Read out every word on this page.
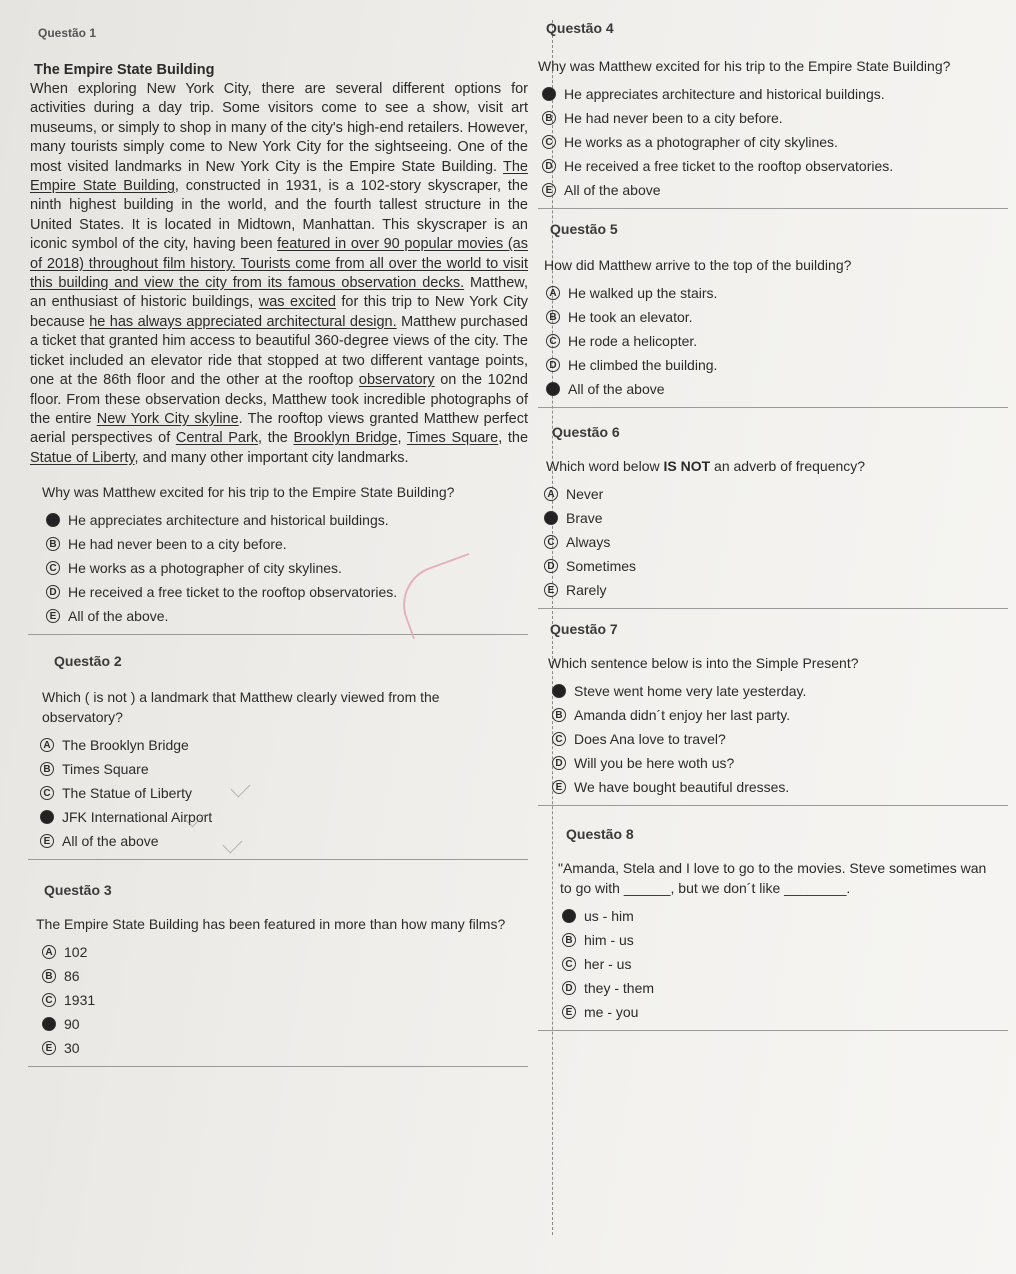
Questão 1
The Empire State Building
When exploring New York City, there are several different options for activities during a day trip. Some visitors come to see a show, visit art museums, or simply to shop in many of the city's high-end retailers. However, many tourists simply come to New York City for the sightseeing. One of the most visited landmarks in New York City is the Empire State Building. The Empire State Building, constructed in 1931, is a 102-story skyscraper, the ninth highest building in the world, and the fourth tallest structure in the United States. It is located in Midtown, Manhattan. This skyscraper is an iconic symbol of the city, having been featured in over 90 popular movies (as of 2018) throughout film history. Tourists come from all over the world to visit this building and view the city from its famous observation decks. Matthew, an enthusiast of historic buildings, was excited for this trip to New York City because he has always appreciated architectural design. Matthew purchased a ticket that granted him access to beautiful 360-degree views of the city. The ticket included an elevator ride that stopped at two different vantage points, one at the 86th floor and the other at the rooftop observatory on the 102nd floor. From these observation decks, Matthew took incredible photographs of the entire New York City skyline. The rooftop views granted Matthew perfect aerial perspectives of Central Park, the Brooklyn Bridge, Times Square, the Statue of Liberty, and many other important city landmarks.
Why was Matthew excited for his trip to the Empire State Building?
A He appreciates architecture and historical buildings.
B He had never been to a city before.
C He works as a photographer of city skylines.
D He received a free ticket to the rooftop observatories.
E All of the above.
Questão 2
Which ( is not ) a landmark that Matthew clearly viewed from the observatory?
A The Brooklyn Bridge
B Times Square
C The Statue of Liberty
D JFK International Airport
E All of the above
Questão 3
The Empire State Building has been featured in more than how many films?
A 102
B 86
C 1931
D 90
E 30
Questão 4
Why was Matthew excited for his trip to the Empire State Building?
A He appreciates architecture and historical buildings.
B He had never been to a city before.
C He works as a photographer of city skylines.
D He received a free ticket to the rooftop observatories.
E All of the above
Questão 5
How did Matthew arrive to the top of the building?
A He walked up the stairs.
B He took an elevator.
C He rode a helicopter.
D He climbed the building.
E All of the above
Questão 6
Which word below IS NOT an adverb of frequency?
A Never
B Brave
C Always
D Sometimes
E Rarely
Questão 7
Which sentence below is into the Simple Present?
A Steve went home very late yesterday.
B Amanda didn´t enjoy her last party.
C Does Ana love to travel?
D Will you be here woth us?
E We have bought beautiful dresses.
Questão 8
"Amanda, Stela and I love to go to the movies. Steve sometimes wan
to go with ______, but we don´t like ________.
A us - him
B him - us
C her - us
D they - them
E me - you
